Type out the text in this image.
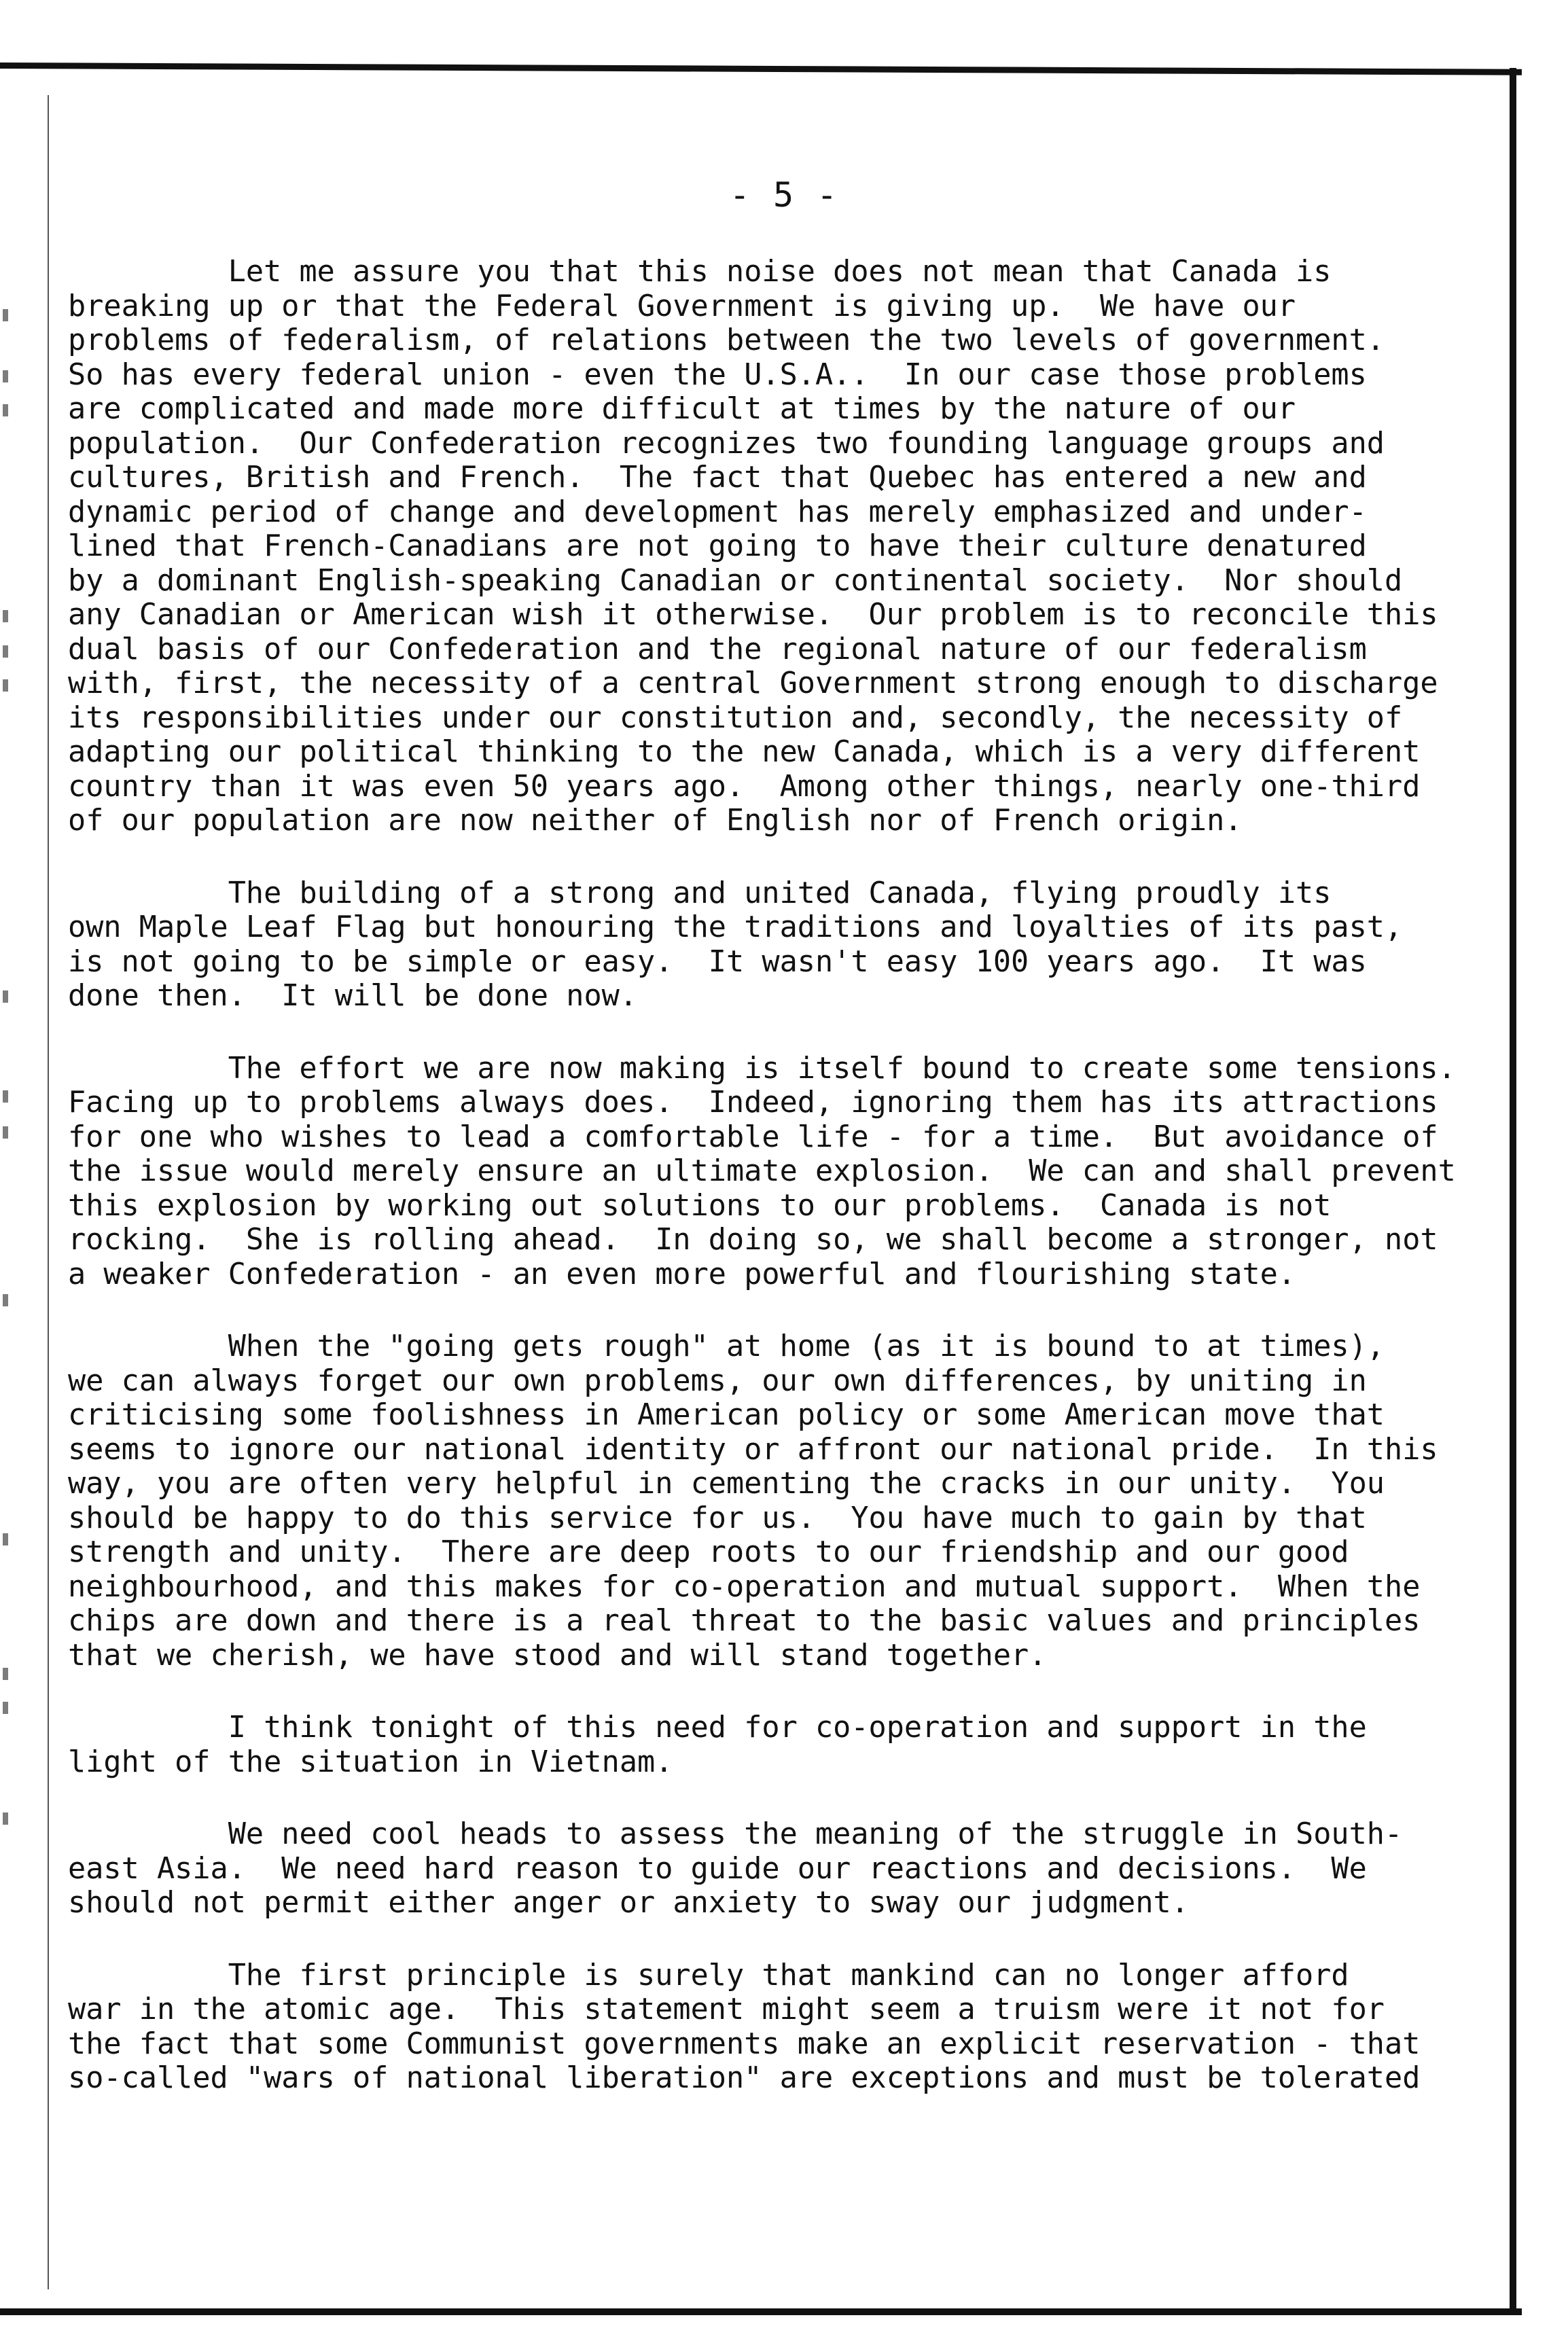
- 5 -

Let me assure you that this noise does not mean that Canada is
breaking up or that the Federal Government is giving up.  We have our
problems of federalism, of relations between the two levels of government.
So has every federal union - even the U.S.A..  In our case those problems
are complicated and made more difficult at times by the nature of our
population.  Our Confederation recognizes two founding language groups and
cultures, British and French.  The fact that Quebec has entered a new and
dynamic period of change and development has merely emphasized and under-
lined that French-Canadians are not going to have their culture denatured
by a dominant English-speaking Canadian or continental society.  Nor should
any Canadian or American wish it otherwise.  Our problem is to reconcile this
dual basis of our Confederation and the regional nature of our federalism
with, first, the necessity of a central Government strong enough to discharge
its responsibilities under our constitution and, secondly, the necessity of
adapting our political thinking to the new Canada, which is a very different
country than it was even 50 years ago.  Among other things, nearly one-third
of our population are now neither of English nor of French origin.

The building of a strong and united Canada, flying proudly its
own Maple Leaf Flag but honouring the traditions and loyalties of its past,
is not going to be simple or easy.  It wasn't easy 100 years ago.  It was
done then.  It will be done now.

The effort we are now making is itself bound to create some tensions.
Facing up to problems always does.  Indeed, ignoring them has its attractions
for one who wishes to lead a comfortable life - for a time.  But avoidance of
the issue would merely ensure an ultimate explosion.  We can and shall prevent
this explosion by working out solutions to our problems.  Canada is not
rocking.  She is rolling ahead.  In doing so, we shall become a stronger, not
a weaker Confederation - an even more powerful and flourishing state.

When the "going gets rough" at home (as it is bound to at times),
we can always forget our own problems, our own differences, by uniting in
criticising some foolishness in American policy or some American move that
seems to ignore our national identity or affront our national pride.  In this
way, you are often very helpful in cementing the cracks in our unity.  You
should be happy to do this service for us.  You have much to gain by that
strength and unity.  There are deep roots to our friendship and our good
neighbourhood, and this makes for co-operation and mutual support.  When the
chips are down and there is a real threat to the basic values and principles
that we cherish, we have stood and will stand together.

I think tonight of this need for co-operation and support in the
light of the situation in Vietnam.

We need cool heads to assess the meaning of the struggle in South-
east Asia.  We need hard reason to guide our reactions and decisions.  We
should not permit either anger or anxiety to sway our judgment.

The first principle is surely that mankind can no longer afford
war in the atomic age.  This statement might seem a truism were it not for
the fact that some Communist governments make an explicit reservation - that
so-called "wars of national liberation" are exceptions and must be tolerated
